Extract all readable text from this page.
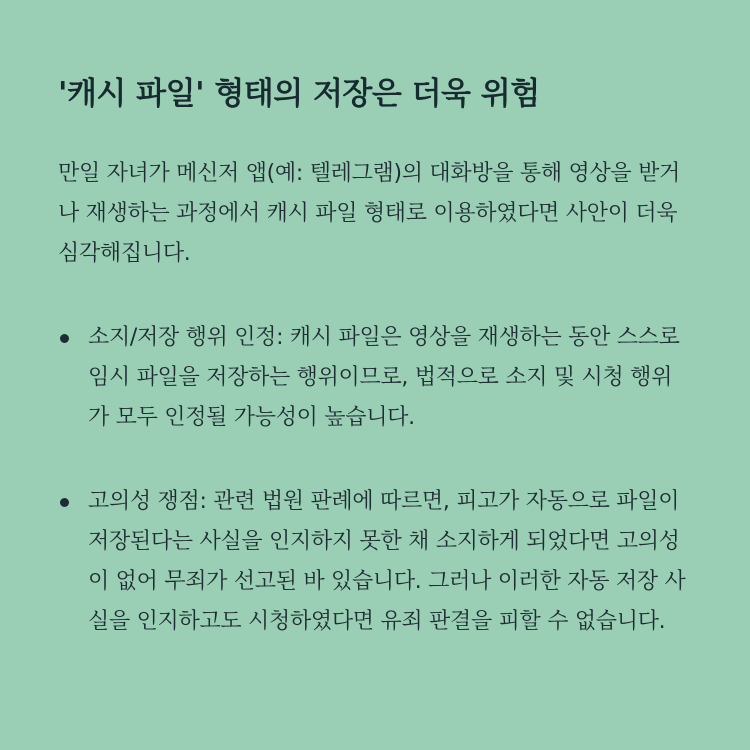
'캐시 파일' 형태의 저장은 더욱 위험

만일 자녀가 메신저 앱(예: 텔레그램)의 대화방을 통해 영상을 받거나 재생하는 과정에서 캐시 파일 형태로 이용하였다면 사안이 더욱 심각해집니다.

소지/저장 행위 인정: 캐시 파일은 영상을 재생하는 동안 스스로 임시 파일을 저장하는 행위이므로, 법적으로 소지 및 시청 행위가 모두 인정될 가능성이 높습니다.
고의성 쟁점: 관련 법원 판례에 따르면, 피고가 자동으로 파일이 저장된다는 사실을 인지하지 못한 채 소지하게 되었다면 고의성이 없어 무죄가 선고된 바 있습니다. 그러나 이러한 자동 저장 사실을 인지하고도 시청하였다면 유죄 판결을 피할 수 없습니다.
